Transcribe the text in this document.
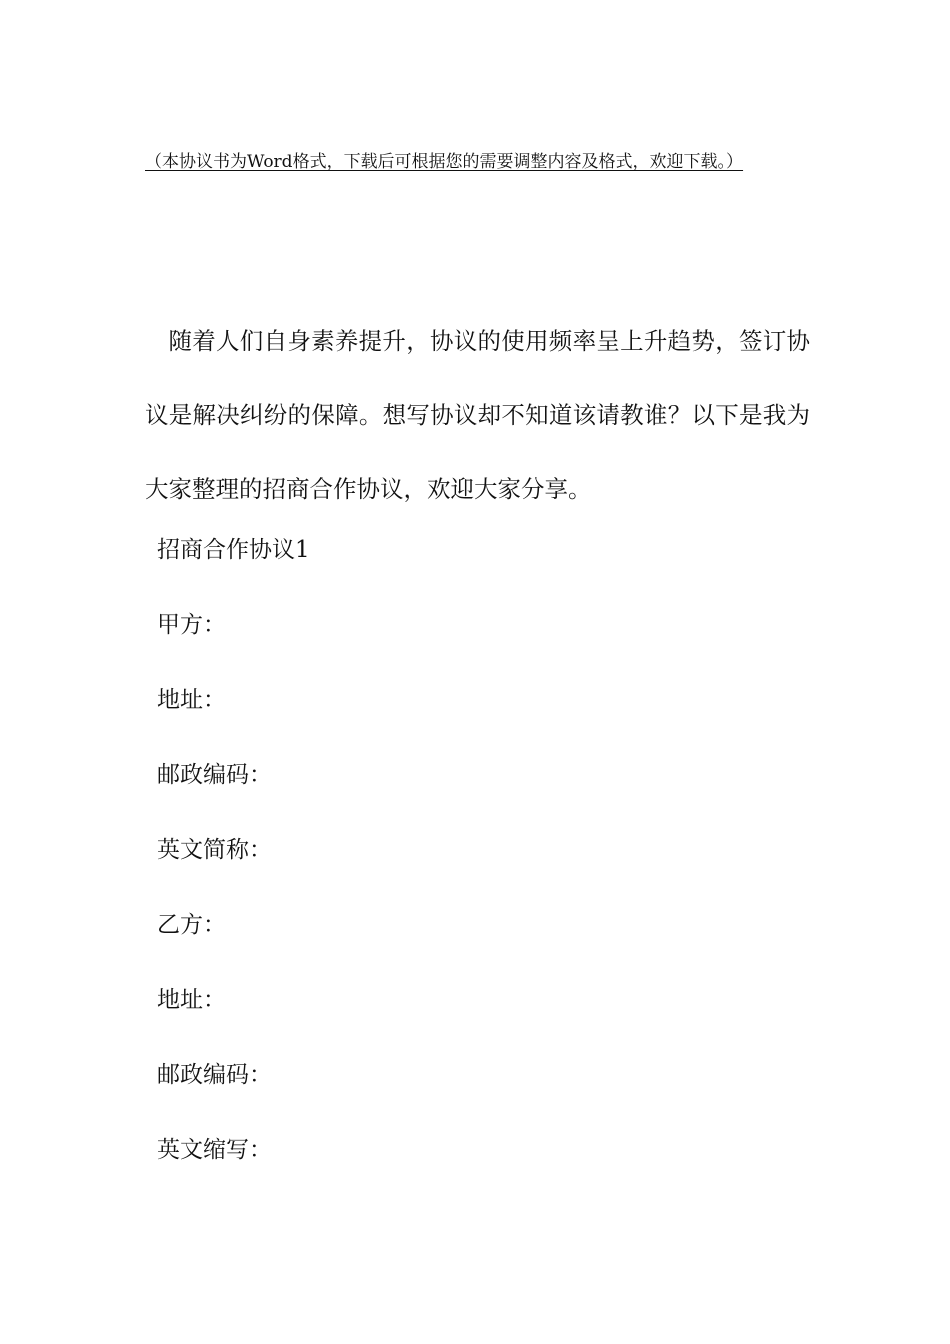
（本协议书为Word格式，下载后可根据您的需要调整内容及格式，欢迎下载。）

随着人们自身素养提升，协议的使用频率呈上升趋势，签订协议是解决纠纷的保障。想写协议却不知道该请教谁？以下是我为大家整理的招商合作协议，欢迎大家分享。

招商合作协议1

甲方：

地址：

邮政编码：

英文简称：

乙方：

地址：

邮政编码：

英文缩写：
